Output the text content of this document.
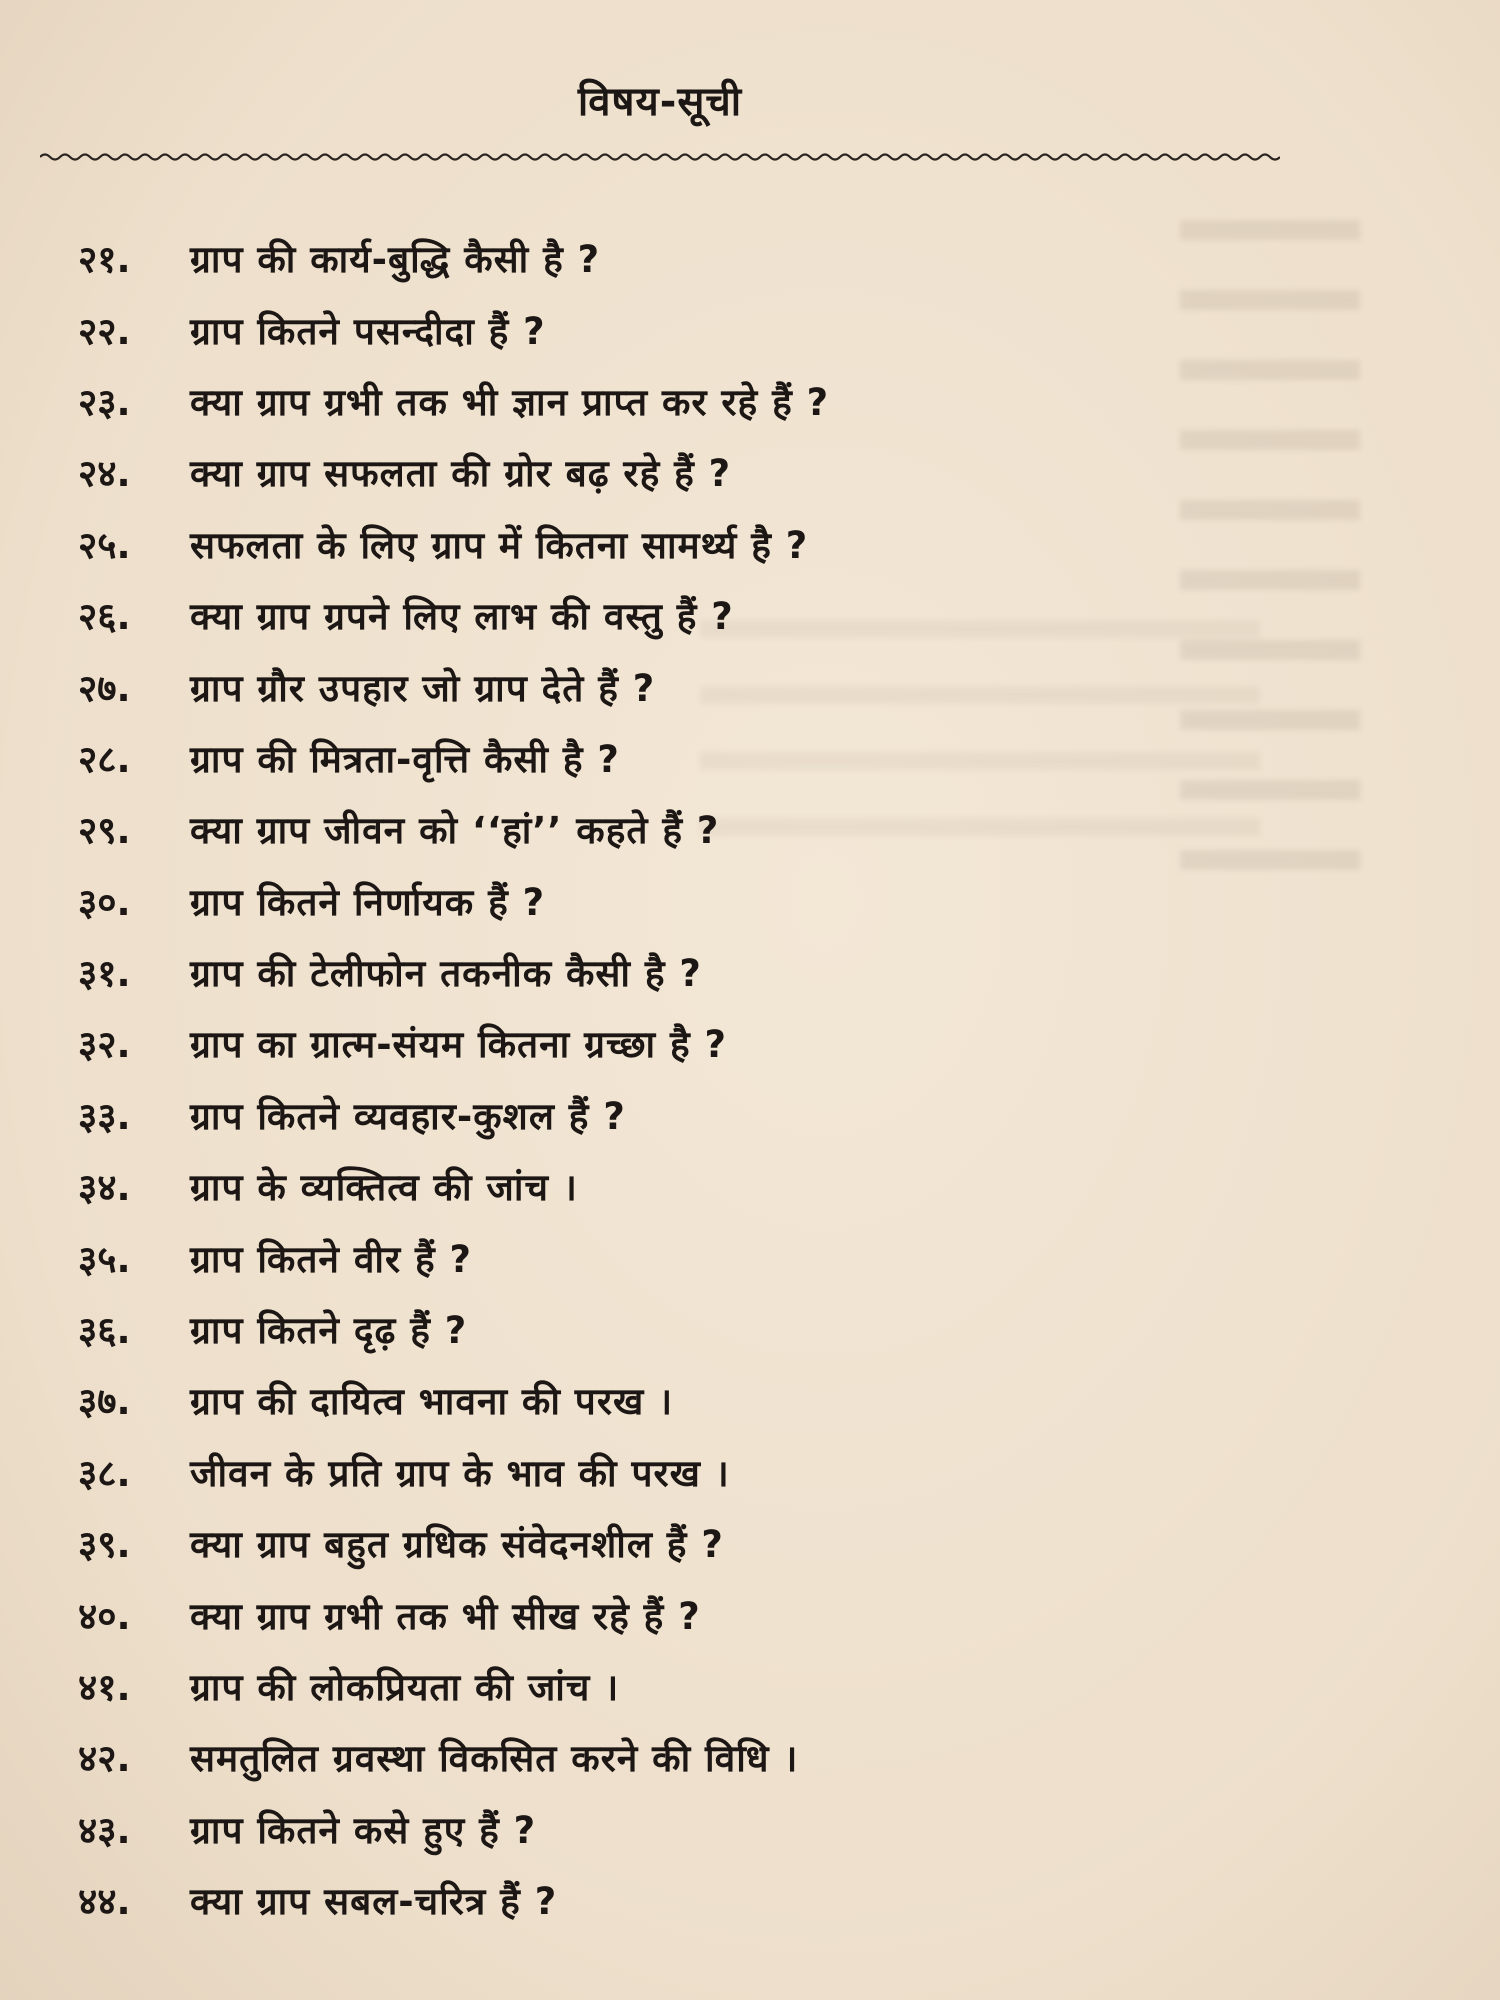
विषय-सूची
२१.	ग्राप की कार्य-बुद्धि कैसी है ?
२२.	ग्राप कितने पसन्दीदा हैं ?
२३.	क्या ग्राप ग्रभी तक भी ज्ञान प्राप्त कर रहे हैं ?
२४.	क्या ग्राप सफलता की ग्रोर बढ़ रहे हैं ?
२५.	सफलता के लिए ग्राप में कितना सामर्थ्य है ?
२६.	क्या ग्राप ग्रपने लिए लाभ की वस्तु हैं ?
२७.	ग्राप ग्रौर उपहार जो ग्राप देते हैं ?
२८.	ग्राप की मित्रता-वृत्ति कैसी है ?
२९.	क्या ग्राप जीवन को ‘‘हां’’ कहते हैं ?
३०.	ग्राप कितने निर्णायक हैं ?
३१.	ग्राप की टेलीफोन तकनीक कैसी है ?
३२.	ग्राप का ग्रात्म-संयम कितना ग्रच्छा है ?
३३.	ग्राप कितने व्यवहार-कुशल हैं ?
३४.	ग्राप के व्यक्तित्व की जांच ।
३५.	ग्राप कितने वीर हैं ?
३६.	ग्राप कितने दृढ़ हैं ?
३७.	ग्राप की दायित्व भावना की परख ।
३८.	जीवन के प्रति ग्राप के भाव की परख ।
३९.	क्या ग्राप बहुत ग्रधिक संवेदनशील हैं ?
४०.	क्या ग्राप ग्रभी तक भी सीख रहे हैं ?
४१.	ग्राप की लोकप्रियता की जांच ।
४२.	समतुलित ग्रवस्था विकसित करने की विधि ।
४३.	ग्राप कितने कसे हुए हैं ?
४४.	क्या ग्राप सबल-चरित्र हैं ?
